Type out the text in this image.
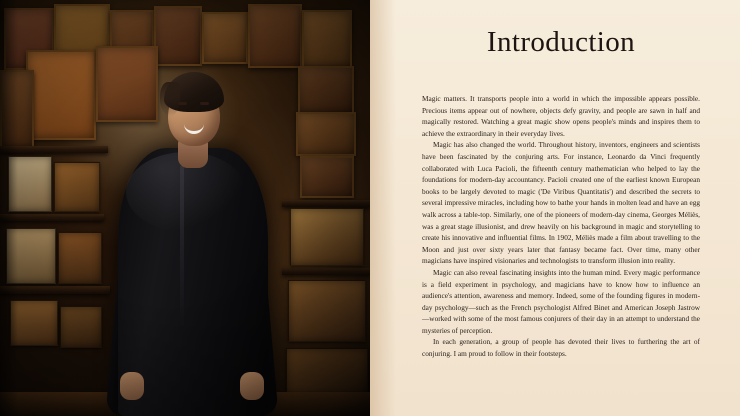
Introduction

Magic matters. It transports people into a world in which the impossible appears possible. Precious items appear out of nowhere, objects defy gravity, and people are sawn in half and magically restored. Watching a great magic show opens people's minds and inspires them to achieve the extraordinary in their everyday lives.

Magic has also changed the world. Throughout history, inventors, engineers and scientists have been fascinated by the conjuring arts. For instance, Leonardo da Vinci frequently collaborated with Luca Pacioli, the fifteenth century mathematician who helped to lay the foundations for modern-day accountancy. Pacioli created one of the earliest known European books to be largely devoted to magic ('De Viribus Quantitatis') and described the secrets to several impressive miracles, including how to bathe your hands in molten lead and have an egg walk across a table-top. Similarly, one of the pioneers of modern-day cinema, Georges Méliès, was a great stage illusionist, and drew heavily on his background in magic and storytelling to create his innovative and influential films. In 1902, Méliès made a film about travelling to the Moon and just over sixty years later that fantasy became fact. Over time, many other magicians have inspired visionaries and technologists to transform illusion into reality.

Magic can also reveal fascinating insights into the human mind. Every magic performance is a field experiment in psychology, and magicians have to know how to influence an audience's attention, awareness and memory. Indeed, some of the founding figures in modern-day psychology—such as the French psychologist Alfred Binet and American Joseph Jastrow—worked with some of the most famous conjurers of their day in an attempt to understand the mysteries of perception.

In each generation, a group of people has devoted their lives to furthering the art of conjuring. I am proud to follow in their footsteps.
